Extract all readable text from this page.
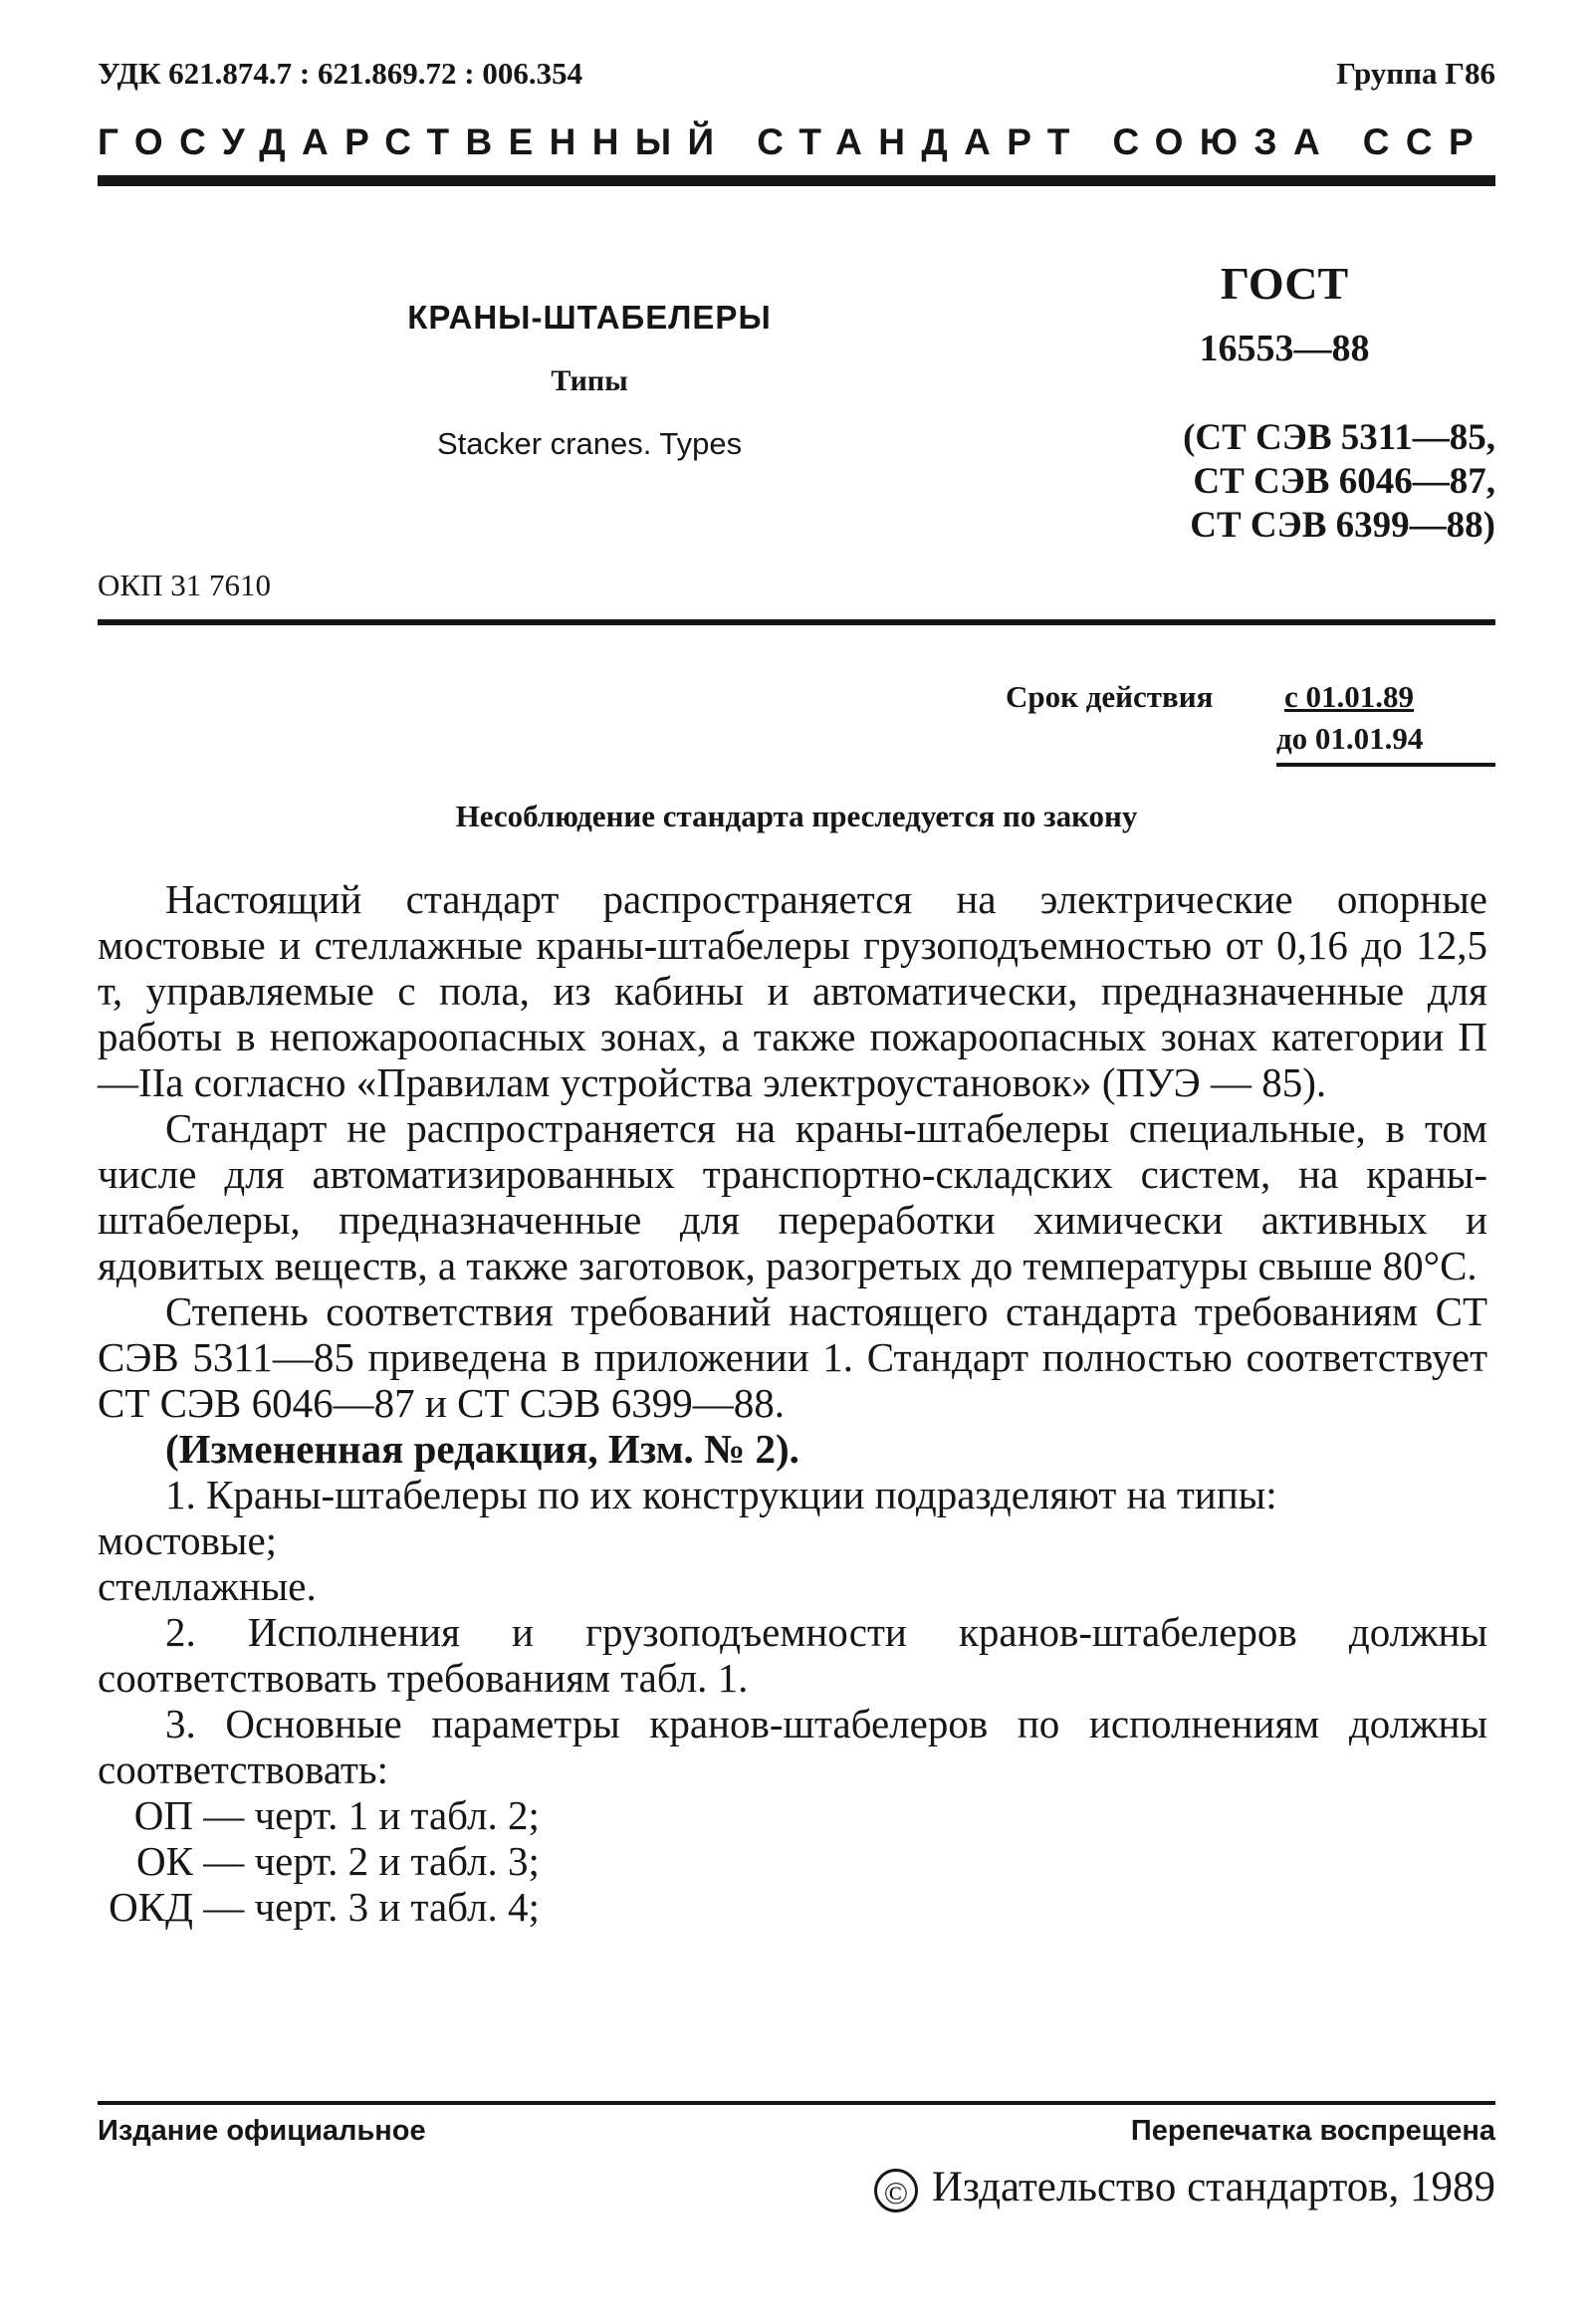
УДК 621.874.7 : 621.869.72 : 006.354	Группа Г86
ГОСУДАРСТВЕННЫЙ СТАНДАРТ СОЮЗА ССР
КРАНЫ-ШТАБЕЛЕРЫ
Типы
Stacker cranes. Types
ГОСТ
16553—88
(СТ СЭВ 5311—85,
СТ СЭВ 6046—87,
СТ СЭВ 6399—88)
ОКП 31 7610
Срок действия с 01.01.89
до 01.01.94
Несоблюдение стандарта преследуется по закону

Настоящий стандарт распространяется на электрические опорные мостовые и стеллажные краны-штабелеры грузоподъемностью от 0,16 до 12,5 т, управляемые с пола, из кабины и автоматически, предназначенные для работы в непожароопасных зонах, а также пожароопасных зонах категории П—IIа согласно «Правилам устройства электроустановок» (ПУЭ — 85).

Стандарт не распространяется на краны-штабелеры специальные, в том числе для автоматизированных транспортно-складских систем, на краны-штабелеры, предназначенные для переработки химически активных и ядовитых веществ, а также заготовок, разогретых до температуры свыше 80°С.

Степень соответствия требований настоящего стандарта требованиям СТ СЭВ 5311—85 приведена в приложении 1. Стандарт полностью соответствует СТ СЭВ 6046—87 и СТ СЭВ 6399—88.

(Измененная редакция, Изм. № 2).

1. Краны-штабелеры по их конструкции подразделяют на типы:

мостовые;

стеллажные.

2. Исполнения и грузоподъемности кранов-штабелеров должны соответствовать требованиям табл. 1.

3. Основные параметры кранов-штабелеров по исполнениям должны соответствовать:

ОП — черт. 1 и табл. 2;
ОК — черт. 2 и табл. 3;
ОКД — черт. 3 и табл. 4;
Издание официальное	Перепечатка воспрещена
© Издательство стандартов, 1989
